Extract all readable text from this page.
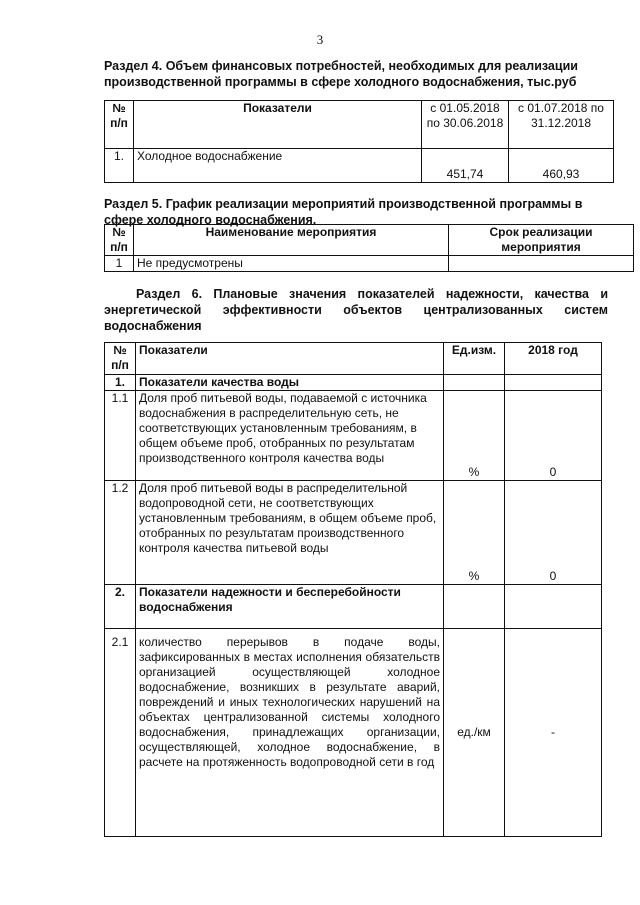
3
Раздел 4. Объем финансовых потребностей, необходимых для реализации производственной программы в сфере холодного водоснабжения, тыс.руб
№ п/п	Показатели	с 01.05.2018 по 30.06.2018	с 01.07.2018 по 31.12.2018
1.	Холодное водоснабжение	451,74	460,93
Раздел 5. График реализации мероприятий производственной программы в сфере холодного водоснабжения.
№ п/п	Наименование мероприятия	Срок реализации мероприятия
1	Не предусмотрены	
Раздел 6. Плановые значения показателей надежности, качества и энергетической эффективности объектов централизованных систем водоснабжения
№ п/п	Показатели	Ед.изм.	2018 год
1.	Показатели качества воды		
1.1	Доля проб питьевой воды, подаваемой с источника водоснабжения в распределительную сеть, не соответствующих установленным требованиям, в общем объеме проб, отобранных по результатам производственного контроля качества воды	%	0
1.2	Доля проб питьевой воды в распределительной водопроводной сети, не соответствующих установленным требованиям, в общем объеме проб, отобранных по результатам производственного контроля качества питьевой воды	%	0
2.	Показатели надежности и бесперебойности водоснабжения		
2.1	количество перерывов в подаче воды, зафиксированных в местах исполнения обязательств организацией осуществляющей холодное водоснабжение, возникших в результате аварий, повреждений и иных технологических нарушений на объектах централизованной системы холодного водоснабжения, принадлежащих организации, осуществляющей, холодное водоснабжение, в расчете на протяженность водопроводной сети в год	ед./км	-
